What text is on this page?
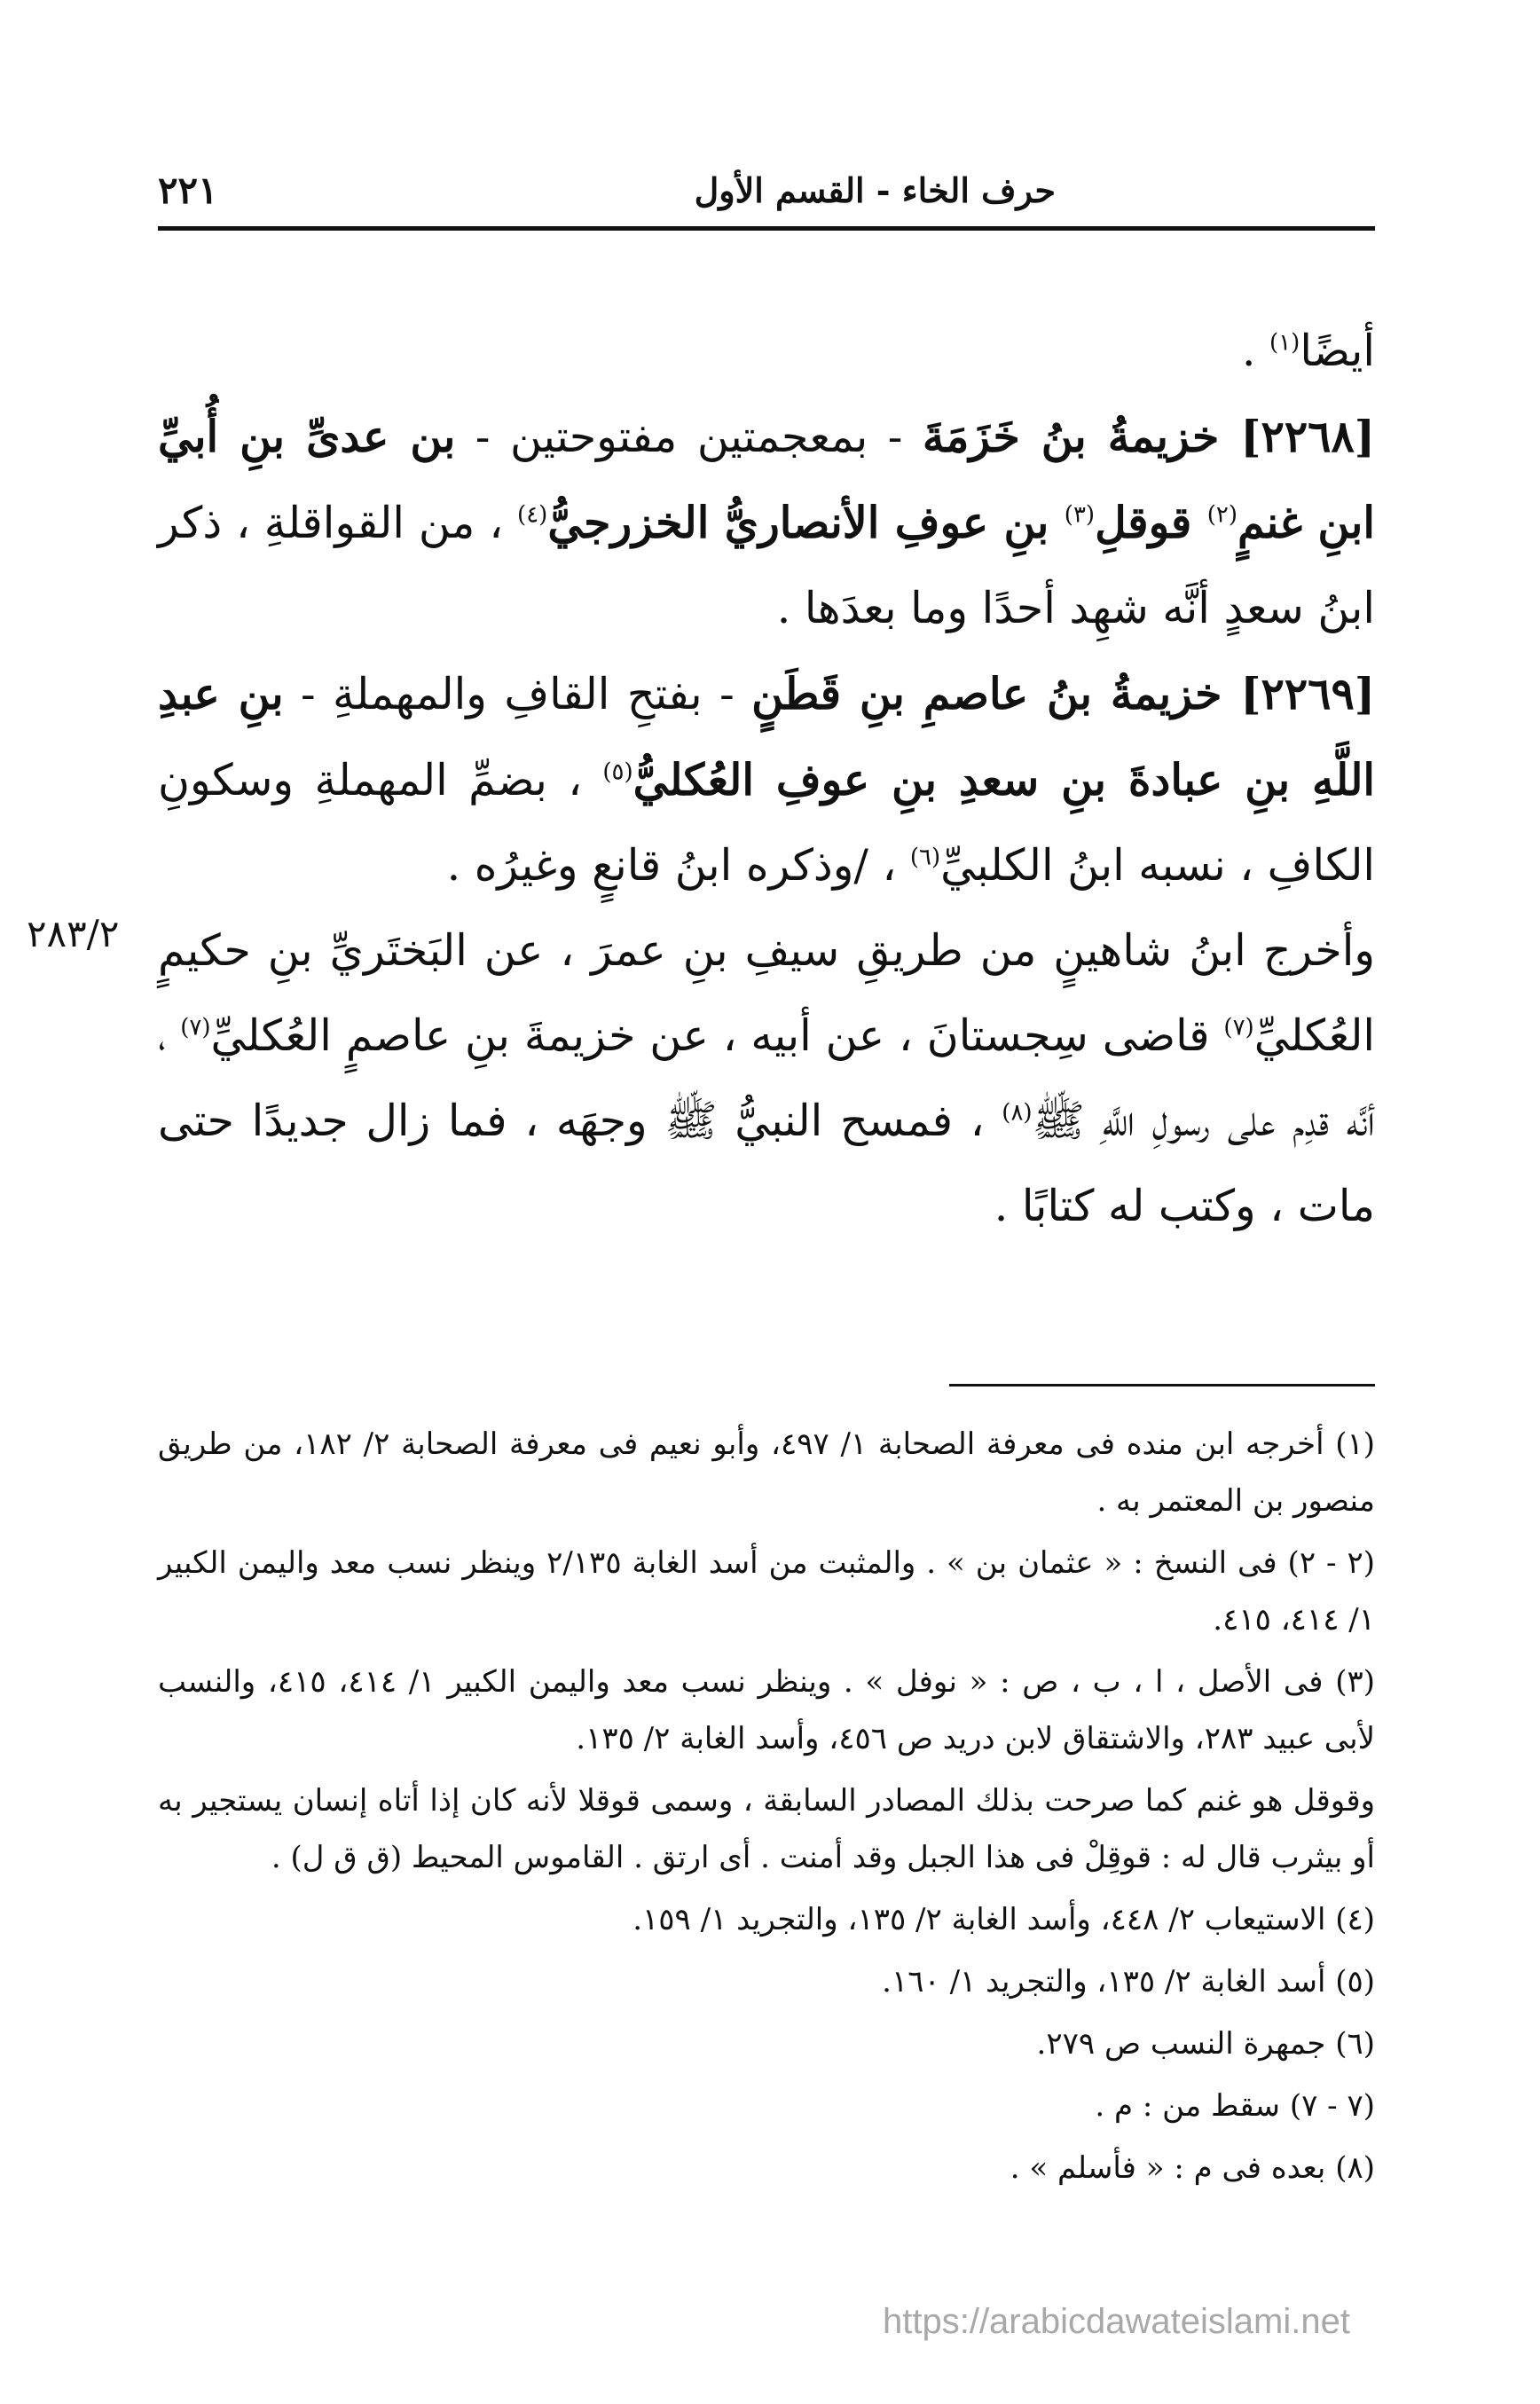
حرف الخاء - القسم الأول
٢٢١
٢٨٣/٢

أيضًا$^{(١)}$ .

[٢٢٦٨] خزيمةُ بنُ خَزَمَةَ - بمعجمتين مفتوحتين - بن عدىِّ بنِ أُبيِّ ابنِ غنمٍ$^{(٢)}$ قوقلِ$^{(٣)}$ بنِ عوفِ الأنصاريُّ الخزرجيُّ$^{(٤)}$ ، من القواقلةِ ، ذكر ابنُ سعدٍ أنَّه شهِد أحدًا وما بعدَها .

[٢٢٦٩] خزيمةُ بنُ عاصمِ بنِ قَطَنٍ - بفتحِ القافِ والمهملةِ - بنِ عبدِ اللَّهِ بنِ عبادةَ بنِ سعدِ بنِ عوفِ العُكليُّ$^{(٥)}$ ، بضمِّ المهملةِ وسكونِ الكافِ ، نسبه ابنُ الكلبيِّ$^{(٦)}$ ، /وذكره ابنُ قانعٍ وغيرُه .

وأخرج ابنُ شاهينٍ من طريقِ سيفِ بنِ عمرَ ، عن البَختَريِّ بنِ حكيمٍ العُكليِّ$^{(٧)}$ قاضى سِجستانَ ، عن أبيه ، عن خزيمةَ بنِ عاصمٍ العُكليِّ$^{(٧)}$ ، أنَّه قدِم على رسولِ اللَّهِ ﷺ$^{(٨)}$ ، فمسح النبيُّ ﷺ وجهَه ، فما زال جديدًا حتى مات ، وكتب له كتابًا .

(١) أخرجه ابن منده فى معرفة الصحابة ١/ ٤٩٧، وأبو نعيم فى معرفة الصحابة ٢/ ١٨٢، من طريق منصور بن المعتمر به .

(٢ - ٢) فى النسخ : « عثمان بن » . والمثبت من أسد الغابة ٢/١٣٥ وينظر نسب معد واليمن الكبير ١/ ٤١٤، ٤١٥.

(٣) فى الأصل ، ا ، ب ، ص : « نوفل » . وينظر نسب معد واليمن الكبير ١/ ٤١٤، ٤١٥، والنسب لأبى عبيد ٢٨٣، والاشتقاق لابن دريد ص ٤٥٦، وأسد الغابة ٢/ ١٣٥.

وقوقل هو غنم كما صرحت بذلك المصادر السابقة ، وسمى قوقلا لأنه كان إذا أتاه إنسان يستجير به أو بيثرب قال له : قوقِلْ فى هذا الجبل وقد أمنت . أى ارتق . القاموس المحيط (ق ق ل) .

(٤) الاستيعاب ٢/ ٤٤٨، وأسد الغابة ٢/ ١٣٥، والتجريد ١/ ١٥٩.

(٥) أسد الغابة ٢/ ١٣٥، والتجريد ١/ ١٦٠.

(٦) جمهرة النسب ص ٢٧٩.

(٧ - ٧) سقط من : م .

(٨) بعده فى م : « فأسلم » .

https://arabicdawateislami.net
